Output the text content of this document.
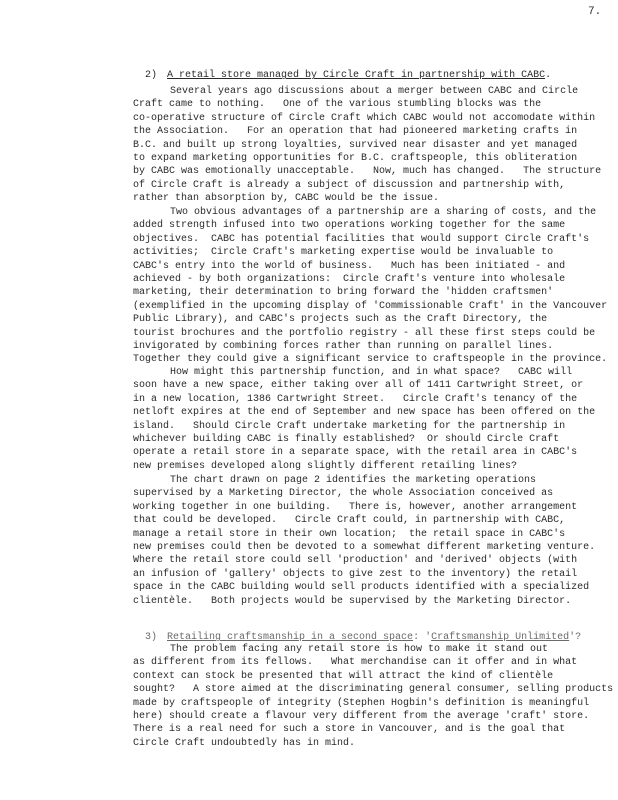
7.

2) A retail store managed by Circle Craft in partnership with CABC.

Several years ago discussions about a merger between CABC and Circle
Craft came to nothing.   One of the various stumbling blocks was the
co-operative structure of Circle Craft which CABC would not accomodate within
the Association.   For an operation that had pioneered marketing crafts in
B.C. and built up strong loyalties, survived near disaster and yet managed
to expand marketing opportunities for B.C. craftspeople, this obliteration
by CABC was emotionally unacceptable.   Now, much has changed.   The structure
of Circle Craft is already a subject of discussion and partnership with,
rather than absorption by, CABC would be the issue.
Two obvious advantages of a partnership are a sharing of costs, and the
added strength infused into two operations working together for the same
objectives.  CABC has potential facilities that would support Circle Craft's
activities;  Circle Craft's marketing expertise would be invaluable to
CABC's entry into the world of business.   Much has been initiated - and
achieved - by both organizations:  Circle Craft's venture into wholesale
marketing, their determination to bring forward the 'hidden craftsmen'
(exemplified in the upcoming display of 'Commissionable Craft' in the Vancouver
Public Library), and CABC's projects such as the Craft Directory, the
tourist brochures and the portfolio registry - all these first steps could be
invigorated by combining forces rather than running on parallel lines.
Together they could give a significant service to craftspeople in the province.
How might this partnership function, and in what space?   CABC will
soon have a new space, either taking over all of 1411 Cartwright Street, or
in a new location, 1386 Cartwright Street.   Circle Craft's tenancy of the
netloft expires at the end of September and new space has been offered on the
island.   Should Circle Craft undertake marketing for the partnership in
whichever building CABC is finally established?  Or should Circle Craft
operate a retail store in a separate space, with the retail area in CABC's
new premises developed along slightly different retailing lines?
The chart drawn on page 2 identifies the marketing operations
supervised by a Marketing Director, the whole Association conceived as
working together in one building.   There is, however, another arrangement
that could be developed.   Circle Craft could, in partnership with CABC,
manage a retail store in their own location;  the retail space in CABC's
new premises could then be devoted to a somewhat different marketing venture.
Where the retail store could sell 'production' and 'derived' objects (with
an infusion of 'gallery' objects to give zest to the inventory) the retail
space in the CABC building would sell products identified with a specialized
clientèle.   Both projects would be supervised by the Marketing Director.

3) Retailing craftsmanship in a second space: 'Craftsmanship Unlimited'?

The problem facing any retail store is how to make it stand out
as different from its fellows.   What merchandise can it offer and in what
context can stock be presented that will attract the kind of clientèle
sought?   A store aimed at the discriminating general consumer, selling products
made by craftspeople of integrity (Stephen Hogbin's definition is meaningful
here) should create a flavour very different from the average 'craft' store.
There is a real need for such a store in Vancouver, and is the goal that
Circle Craft undoubtedly has in mind.
